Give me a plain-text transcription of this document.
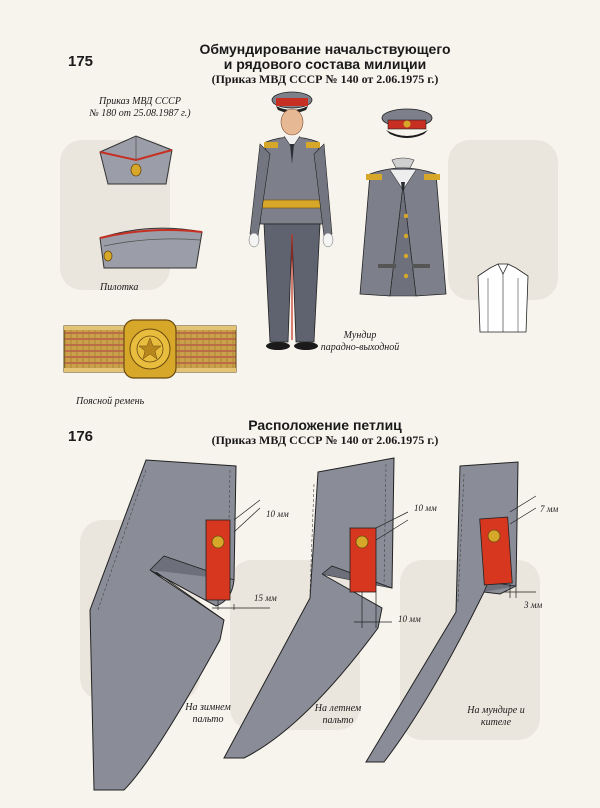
175
Обмундирование начальствующего
и рядового состава милиции
(Приказ МВД СССР № 140 от 2.06.1975 г.)
Приказ МВД СССР
№ 180 от 25.08.1987 г.)
Пилотка
Поясной ремень
Мундир
парадно-выходной
176
Расположение петлиц
(Приказ МВД СССР № 140 от 2.06.1975 г.)
10 мм
15 мм
На зимнем
пальто
10 мм
10 мм
На летнем
пальто
7 мм
3 мм
На мундире и
кителе
